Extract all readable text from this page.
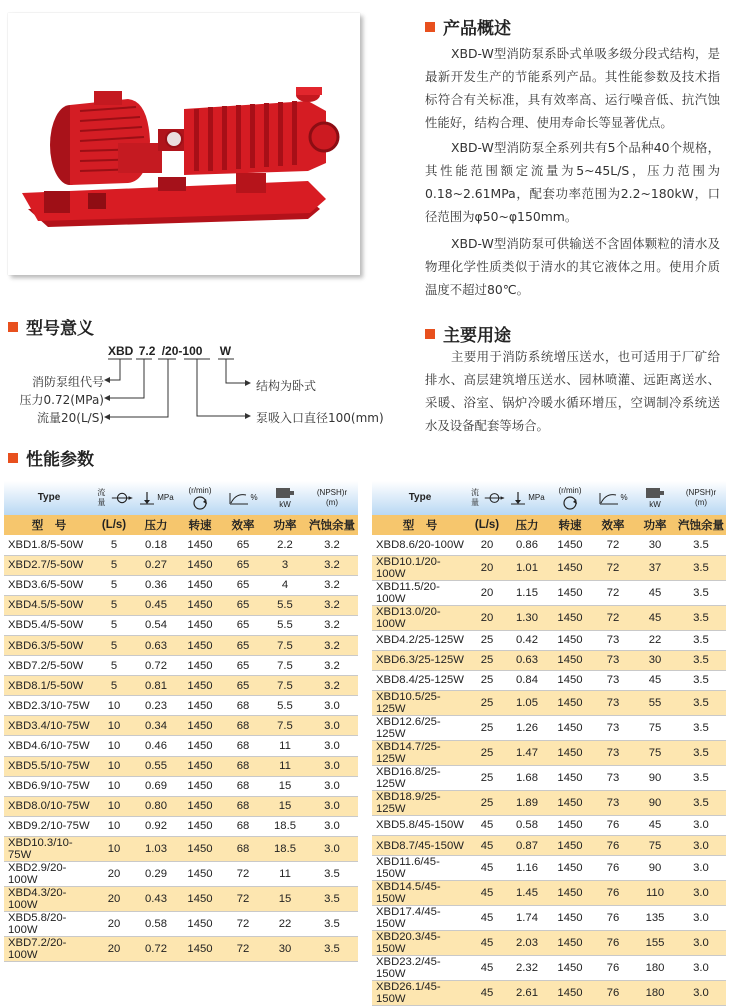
产品概述
XBD-W型消防泵系卧式单吸多级分段式结构，是最新开发生产的节能系列产品。其性能参数及技术指标符合有关标准，具有效率高、运行噪音低、抗汽蚀性能好，结构合理、使用寿命长等显著优点。
XBD-W型消防泵全系列共有5个品种40个规格，其性能范围额定流量为5~45L/S，压力范围为0.18~2.61MPa，配套功率范围为2.2~180kW，口径范围为φ50~φ150mm。
XBD-W型消防泵可供输送不含固体颗粒的清水及物理化学性质类似于清水的其它液体之用。使用介质温度不超过80℃。
主要用途
主要用于消防系统增压送水，也可适用于厂矿给排水、高层建筑增压送水、园林喷灌、远距离送水、采暖、浴室、锅炉冷暖水循环增压，空调制冷系统送水及设备配套等场合。
型号意义
XBD 7.2 /20-100 W
消防泵组代号
压力0.72(MPa)
流量20(L/S)
结构为卧式
泵吸入口直径100(mm)
性能参数
Type	流量	MPa	(r/min)	%	kW	(NPSH)r
(m)

型　号	(L/s)	压力	转速	效率	功率	汽蚀余量
XBD1.8/5-50W	5	0.18	1450	65	2.2	3.2
XBD2.7/5-50W	5	0.27	1450	65	3	3.2
XBD3.6/5-50W	5	0.36	1450	65	4	3.2
XBD4.5/5-50W	5	0.45	1450	65	5.5	3.2
XBD5.4/5-50W	5	0.54	1450	65	5.5	3.2
XBD6.3/5-50W	5	0.63	1450	65	7.5	3.2
XBD7.2/5-50W	5	0.72	1450	65	7.5	3.2
XBD8.1/5-50W	5	0.81	1450	65	7.5	3.2
XBD2.3/10-75W	10	0.23	1450	68	5.5	3.0
XBD3.4/10-75W	10	0.34	1450	68	7.5	3.0
XBD4.6/10-75W	10	0.46	1450	68	11	3.0
XBD5.5/10-75W	10	0.55	1450	68	11	3.0
XBD6.9/10-75W	10	0.69	1450	68	15	3.0
XBD8.0/10-75W	10	0.80	1450	68	15	3.0
XBD9.2/10-75W	10	0.92	1450	68	18.5	3.0
XBD10.3/10-75W	10	1.03	1450	68	18.5	3.0
XBD2.9/20-100W	20	0.29	1450	72	11	3.5
XBD4.3/20-100W	20	0.43	1450	72	15	3.5
XBD5.8/20-100W	20	0.58	1450	72	22	3.5
XBD7.2/20-100W	20	0.72	1450	72	30	3.5
Type	流量	MPa	(r/min)	%	kW	(NPSH)r
(m)

型　号	(L/s)	压力	转速	效率	功率	汽蚀余量
XBD8.6/20-100W	20	0.86	1450	72	30	3.5
XBD10.1/20-100W	20	1.01	1450	72	37	3.5
XBD11.5/20-100W	20	1.15	1450	72	45	3.5
XBD13.0/20-100W	20	1.30	1450	72	45	3.5
XBD4.2/25-125W	25	0.42	1450	73	22	3.5
XBD6.3/25-125W	25	0.63	1450	73	30	3.5
XBD8.4/25-125W	25	0.84	1450	73	45	3.5
XBD10.5/25-125W	25	1.05	1450	73	55	3.5
XBD12.6/25-125W	25	1.26	1450	73	75	3.5
XBD14.7/25-125W	25	1.47	1450	73	75	3.5
XBD16.8/25-125W	25	1.68	1450	73	90	3.5
XBD18.9/25-125W	25	1.89	1450	73	90	3.5
XBD5.8/45-150W	45	0.58	1450	76	45	3.0
XBD8.7/45-150W	45	0.87	1450	76	75	3.0
XBD11.6/45-150W	45	1.16	1450	76	90	3.0
XBD14.5/45-150W	45	1.45	1450	76	110	3.0
XBD17.4/45-150W	45	1.74	1450	76	135	3.0
XBD20.3/45-150W	45	2.03	1450	76	155	3.0
XBD23.2/45-150W	45	2.32	1450	76	180	3.0
XBD26.1/45-150W	45	2.61	1450	76	180	3.0
